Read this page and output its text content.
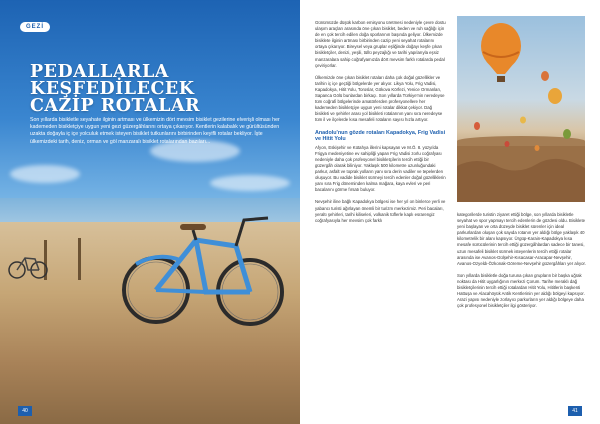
GEZİ
PEDALLARLA
KEŞFEDİLECEK
CAZİP ROTALAR
Son yıllarda bisikletle seyahate ilginin artması ve ülkemizin dört mevsim bisiklet gezilerine elverişli olması her kademeden bisikletçiye uygun yeni gezi güzergâhlarını ortaya çıkarıyor. Kentlerin kalabalık ve gürültüsünden uzakta doğayla iç içe yolculuk etmek isteyen bisiklet tutkunlarını birbirinden keyifli rotalar bekliyor. İşte ülkemizdeki tarih, deniz, orman ve göl manzaralı bisiklet rotalarından bazıları...
40

Günümüzde düşük karbon emisyonu üretmesi nedeniyle çevre dostu ulaşım araçları arasında öne çıkan bisiklet, beden ve ruh sağlığı için de en çok tercih edilen doğa sporlarının başında geliyor. Ülkemizde bisiklete ilginin artması birbirinden cazip yeni seyahat rotalarını ortaya çıkarıyor. Bireysel veya gruplar eşliğinde doğayı keşfe çıkan bisikletçiler, denizi, yeşili, tüllü peyzajlığı ve tarihi yapılarıyla eşsiz manzaralara sahip coğrafyamızda dört mevsim farklı rotalarda pedal çeviriyorlar.

Ülkemizde öne çıkan bisiklet rotaları daha çok doğal güzellikler ve tarihin iç içe geçtiği bölgelerde yer alıyor. Likya Yolu, Frig Vadisi, Kapadokya, Hitit Yolu, Toroslar, Gökova Körfezi, Yenice Ormanları, Sapanca Gölü bunlardan birkaçı. Son yıllarda Türkiye'nin neredeyse tüm coğrafi bölgelerinde amatörlerden profesyonellere her kademeden bisikletçiye uygun yeni rotalar dikkat çekiyor. Dağ bisikleti ve şehirler arası yol bisikleti rotalarının yanı sıra neredeyse tüm il ve ilçelerde kısa mesafeli rotaların sayısı hızla artıyor.

Anadolu'nun gözde rotaları Kapadokya, Frig Vadisi ve Hitit Yolu

Afyon, Eskişehir ve Kütahya illerini kapsayan ve M.Ö. 8. yüzyılda Frigya medeniyetine ev sahipliği yapan Frig Vadisi zorlu coğrafyası nedeniyle daha çok profesyonel bisikletçilerin tercih ettiği bir güzergâh olarak biliniyor. Yaklaşık 500 kilometre uzunluğundaki parkur, asfalt ve toprak yolların yanı sıra derin vadiler ve tepelerden oluşuyor. Bu vadide bisiklet sürmeyi tercih edenler doğal güzelliklerin yanı sıra Frig döneminden kalma mağara, kaya evleri ve peri bacalarını görme fırsatı buluyor.

Nevşehir iline bağlı Kapadokya bölgesi ise her yıl on binlerce yerli ve yabancı turisti ağırlayan önemli bir turizm merkezimiz. Peri bacaları, yeraltı şehirleri, tarihi kiliseleri, volkanik tüflerle kaplı esrarengiz coğrafyasıyla her mevsim çok farklı

kategorilerde turistin ziyaret ettiği bölge, son yıllarda bisikletle seyahat ve spor yapmayı tercih edenlerin de gözdesi oldu. Bisiklete yeni başlayan ve orta düzeyde bisiklet sürenler için ideal parkurlardan oluşan çok sayıda rotanın yer aldığı bölge yaklaşık 40 kilometrelik bir alanı kapsıyor. Ürgüp-Karain-Kapadokya kısa mesafe sürücülerinin tercih ettiği güzergâhlardan sadece bir tanesi, uzun mesafeli bisiklet sürmek isteyenlerin tercih ettiği rotalar arasında ise Avanos-Gülşehir-Kısacasar-Aracapar-Nevşehir, Avanos-Ozyeldı-Özkonak-Göreme-Nevşehir güzergâhları yer alıyor.

Son yıllarda bisikletle doğa turuna çıkan grupların bir başka uğrak noktası da Hitit uygarlığının merkezi Çorum. Tarihe meraklı dağ bisikletçilerinin tercih ettiği rotalardan Hitit Yolu, Hititlerin başkenti Hattuşa ve Alacahöyük Antik Kentlerinin yer aldığı bölgeyi kapsıyor. Arazi yapısı nedeniyle zorlayıcı parkurların yer aldığı bölgeye daha çok profesyonel bisikletçiler ilgi gösteriyor.

41
